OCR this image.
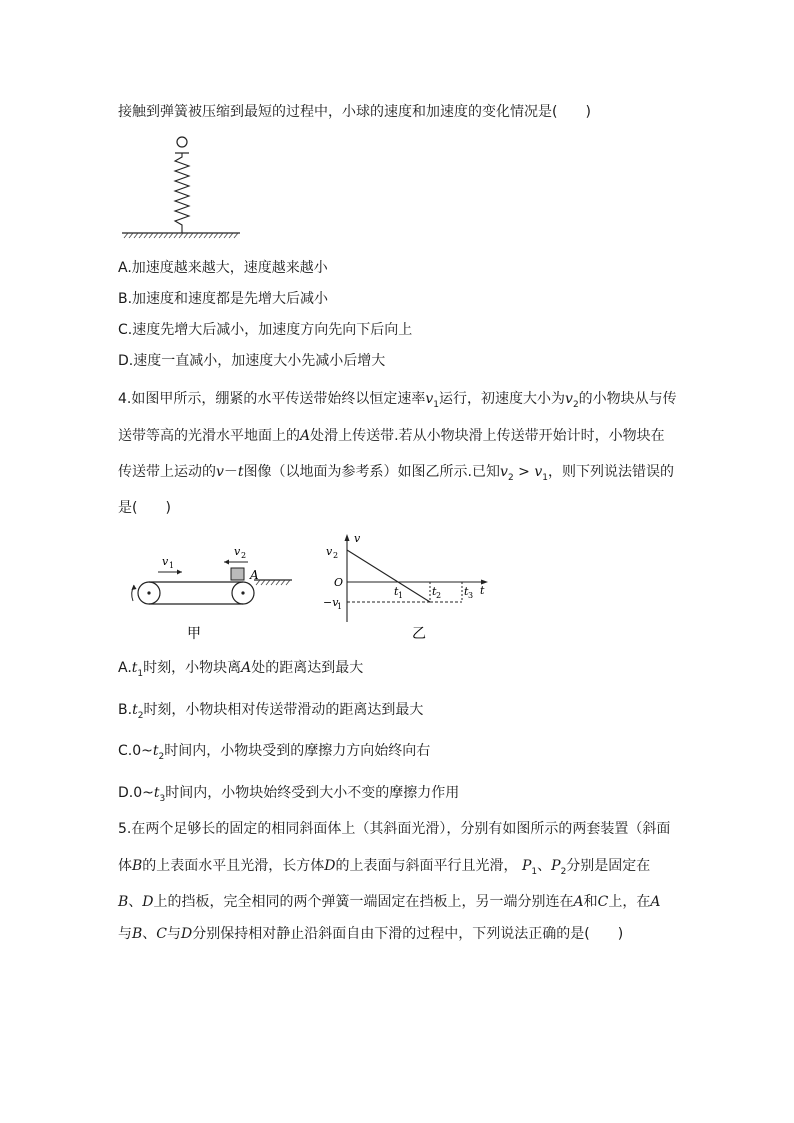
接触到弹簧被压缩到最短的过程中，小球的速度和加速度的变化情况是(　　)
A.加速度越来越大，速度越来越小
B.加速度和速度都是先增大后减小
C.速度先增大后减小，加速度方向先向下后向上
D.速度一直减小，加速度大小先减小后增大
4.如图甲所示，绷紧的水平传送带始终以恒定速率$v_1$运行，初速度大小为$v_2$的小物块从与传
送带等高的光滑水平地面上的A处滑上传送带.若从小物块滑上传送带开始计时，小物块在
传送带上运动的v－t图像（以地面为参考系）如图乙所示.已知$v_2 > v_1$，则下列说法错误的
是(　　)
v 1
v 2
A
甲
v
t
O
v 2
−v
1
t 1	t 2 t 3
乙
$A.t_1$时刻，小物块离A处的距离达到最大
$B.t_2$时刻，小物块相对传送带滑动的距离达到最大
$C.0\sim t_2$时间内，小物块受到的摩擦力方向始终向右
$D.0\sim t_3$时间内，小物块始终受到大小不变的摩擦力作用
5.在两个足够长的固定的相同斜面体上（其斜面光滑），分别有如图所示的两套装置（斜面
体B的上表面水平且光滑，长方体D的上表面与斜面平行且光滑， $P_1$、$P_2$分别是固定在
B、D上的挡板，完全相同的两个弹簧一端固定在挡板上，另一端分别连在A和C上，在A
与B、C与D分别保持相对静止沿斜面自由下滑的过程中，下列说法正确的是(　　)
